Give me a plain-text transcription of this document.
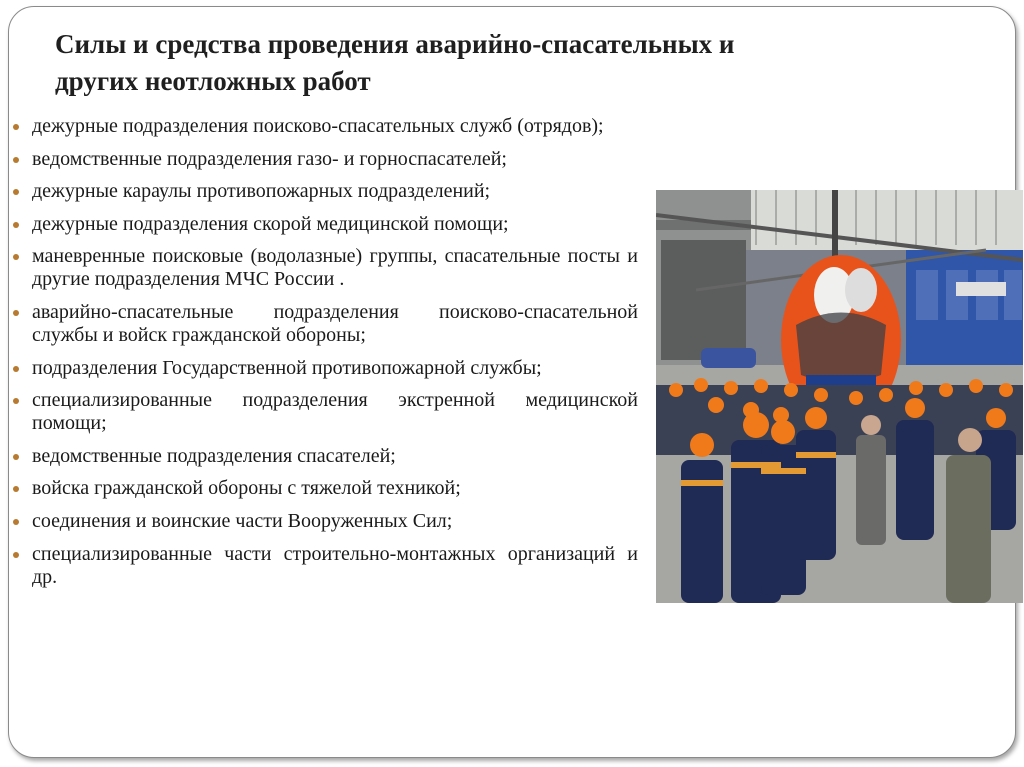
Силы и средства проведения аварийно-спасательных и
других неотложных работ
дежурные подразделения поисково-спасательных служб (отрядов);
ведомственные подразделения газо- и горноспасателей;
дежурные караулы противопожарных подразделений;
дежурные подразделения скорой медицинской помощи;
маневренные поисковые (водолазные) группы, спасательные посты и другие подразделения МЧС России .
аварийно-спасательные подразделения поисково-спасательной службы и войск гражданской обороны;
подразделения Государственной противопожарной службы;
специализированные подразделения экстренной медицинской помощи;
ведомственные подразделения спасателей;
войска гражданской обороны с тяжелой техникой;
соединения и воинские части Вооруженных Сил;
специализированные части строительно-монтажных организаций и др.
